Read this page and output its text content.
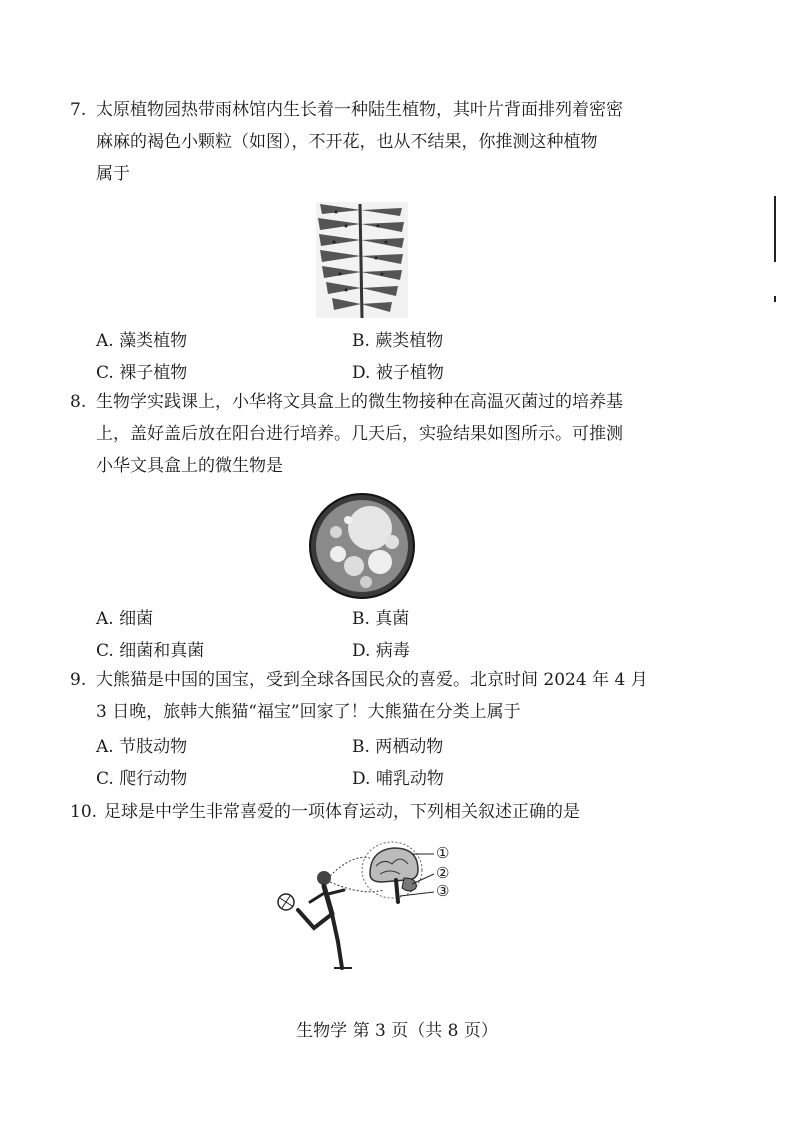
7. 太原植物园热带雨林馆内生长着一种陆生植物，其叶片背面排列着密密
麻麻的褐色小颗粒（如图），不开花，也从不结果，你推测这种植物
属于
A. 藻类植物	B. 蕨类植物
C. 裸子植物	D. 被子植物
8. 生物学实践课上，小华将文具盒上的微生物接种在高温灭菌过的培养基
上，盖好盖后放在阳台进行培养。几天后，实验结果如图所示。可推测
小华文具盒上的微生物是
A. 细菌	B. 真菌
C. 细菌和真菌	D. 病毒
9. 大熊猫是中国的国宝，受到全球各国民众的喜爱。北京时间 2024 年 4 月
3 日晚，旅韩大熊猫“福宝”回家了！大熊猫在分类上属于
A. 节肢动物	B. 两栖动物
C. 爬行动物	D. 哺乳动物
10. 足球是中学生非常喜爱的一项体育运动，下列相关叙述正确的是
①
②
③
生物学 第 3 页（共 8 页）
